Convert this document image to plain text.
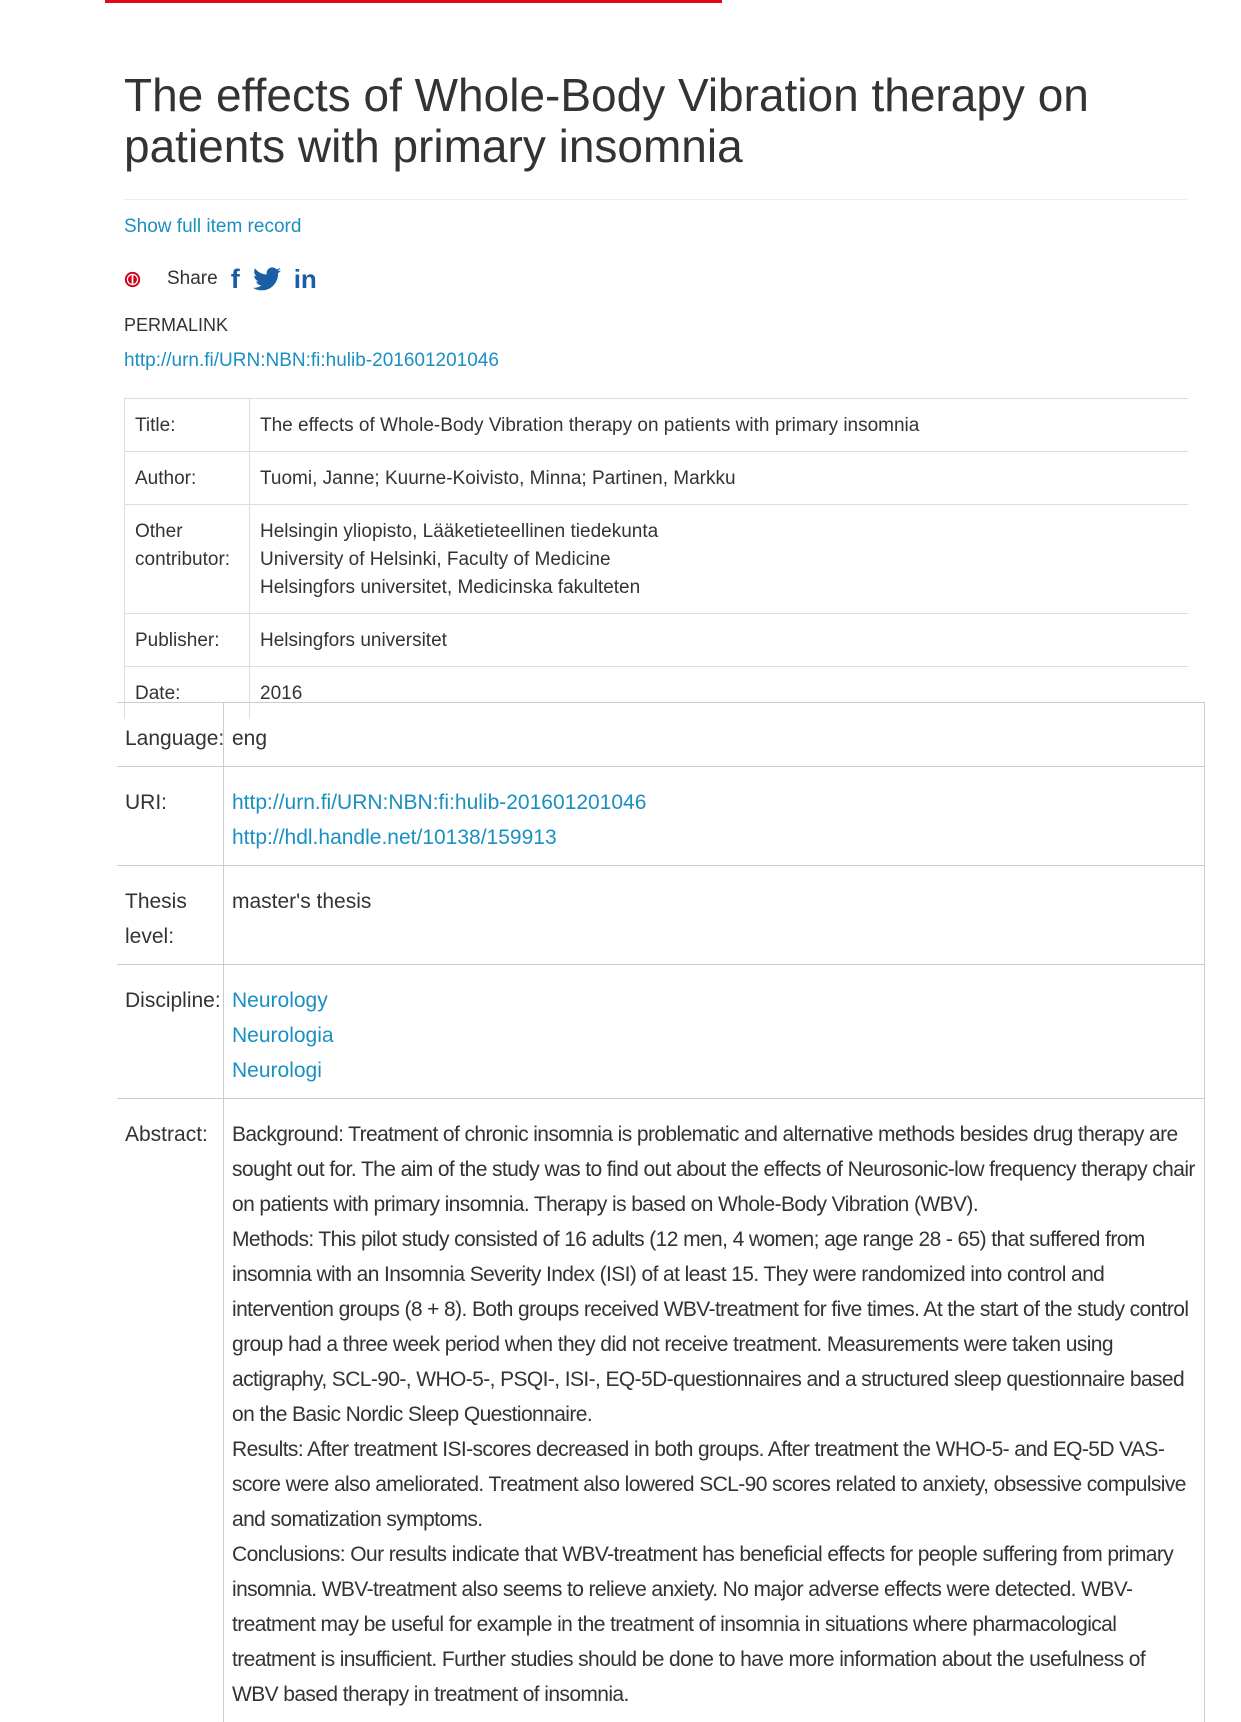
The effects of Whole-Body Vibration therapy on patients with primary insomnia
Show full item record
Share f in
PERMALINK
http://urn.fi/URN:NBN:fi:hulib-201601201046
Title:	The effects of Whole-Body Vibration therapy on patients with primary insomnia
Author:	Tuomi, Janne; Kuurne-Koivisto, Minna; Partinen, Markku
Other
contributor:
Helsingin yliopisto, Lääketieteellinen tiedekunta
University of Helsinki, Faculty of Medicine
Helsingfors universitet, Medicinska fakulteten
Publisher:	Helsingfors universitet
Date:	2016
Language: eng
URI:	http://urn.fi/URN:NBN:fi:hulib-201601201046
http://hdl.handle.net/10138/159913
Thesis
level:
master's thesis
Discipline: Neurology
Neurologia
Neurologi
Abstract:	Background: Treatment of chronic insomnia is problematic and alternative methods besides drug therapy are sought out for. The aim of the study was to find out about the effects of Neurosonic-low frequency therapy chair on patients with primary insomnia. Therapy is based on Whole-Body Vibration (WBV).

Methods: This pilot study consisted of 16 adults (12 men, 4 women; age range 28 - 65) that suffered from insomnia with an Insomnia Severity Index (ISI) of at least 15. They were randomized into control and intervention groups (8 + 8). Both groups received WBV-treatment for five times. At the start of the study control group had a three week period when they did not receive treatment. Measurements were taken using actigraphy, SCL-90-, WHO-5-, PSQI-, ISI-, EQ-5D-questionnaires and a structured sleep questionnaire based on the Basic Nordic Sleep Questionnaire.

Results: After treatment ISI-scores decreased in both groups. After treatment the WHO-5- and EQ-5D VAS-score were also ameliorated. Treatment also lowered SCL-90 scores related to anxiety, obsessive compulsive and somatization symptoms.

Conclusions: Our results indicate that WBV-treatment has beneficial effects for people suffering from primary insomnia. WBV-treatment also seems to relieve anxiety. No major adverse effects were detected. WBV-treatment may be useful for example in the treatment of insomnia in situations where pharmacological treatment is insufficient. Further studies should be done to have more information about the usefulness of WBV based therapy in treatment of insomnia.
